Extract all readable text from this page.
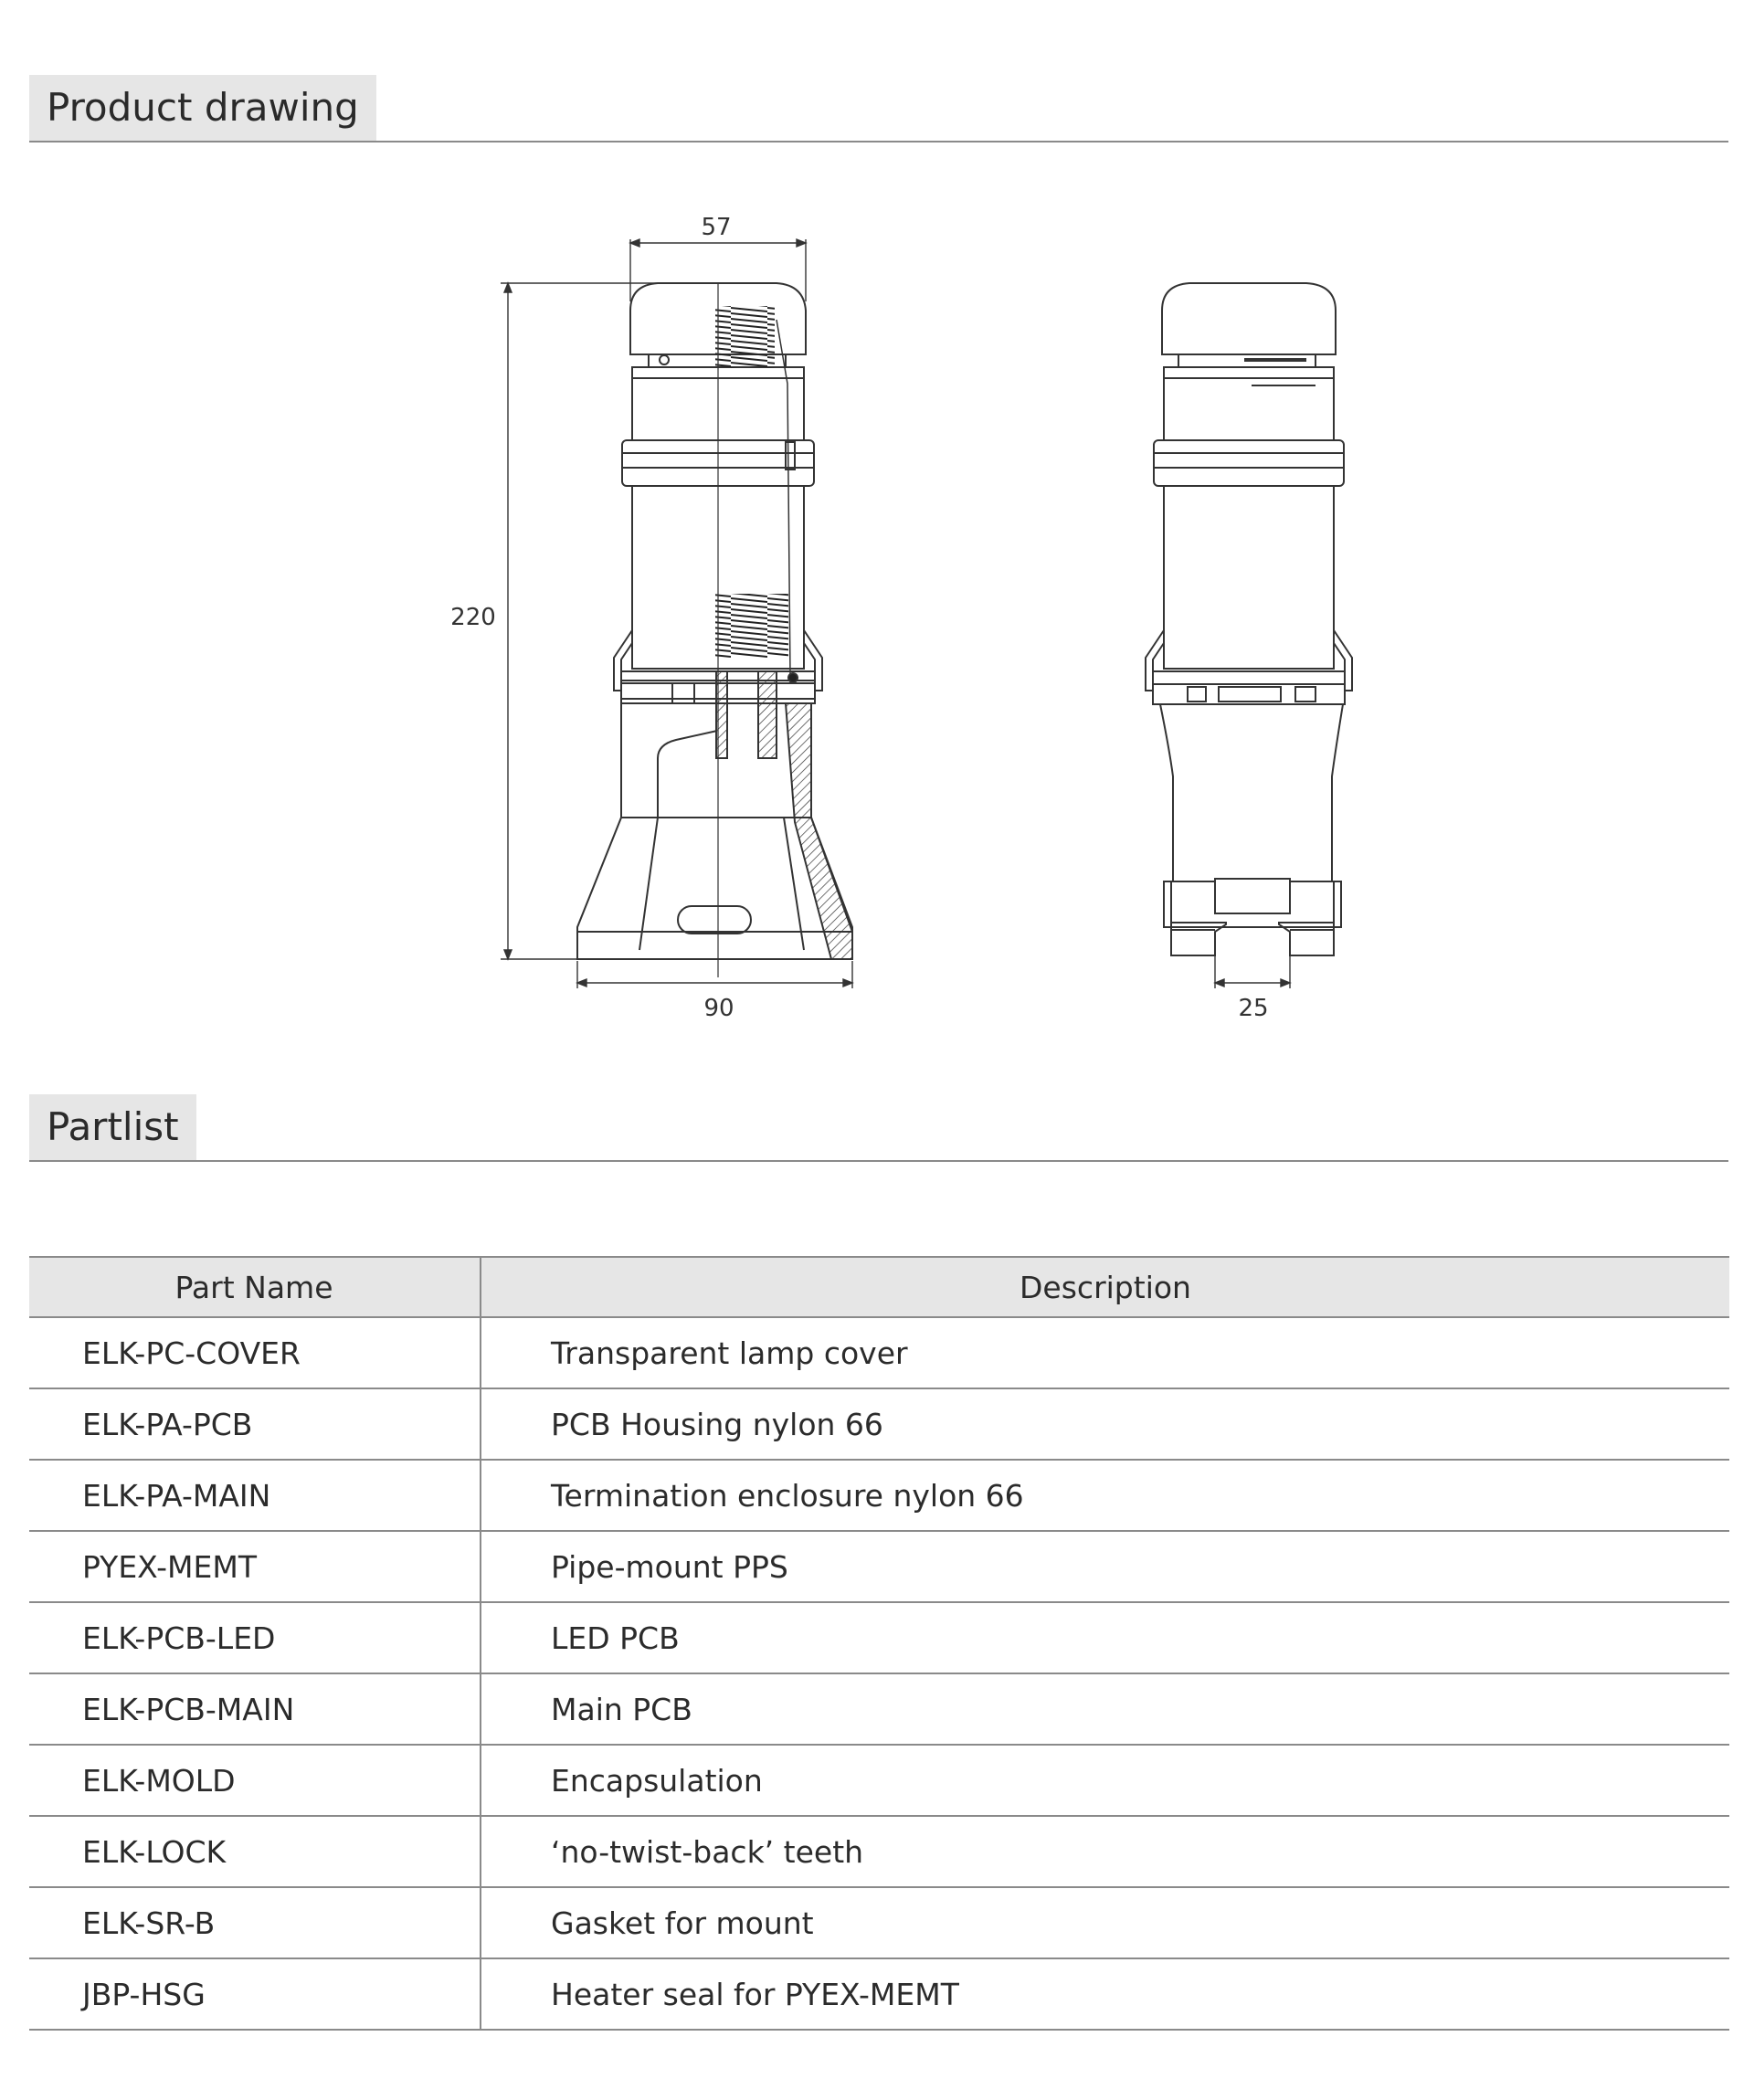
Product drawing
57
220
90	25
Partlist
Part Name	Description
ELK-PC-COVER	Transparent lamp cover
ELK-PA-PCB	PCB Housing nylon 66
ELK-PA-MAIN	Termination enclosure nylon 66
PYEX-MEMT	Pipe-mount PPS
ELK-PCB-LED	LED PCB
ELK-PCB-MAIN	Main PCB
ELK-MOLD	Encapsulation
ELK-LOCK	‘no-twist-back’ teeth
ELK-SR-B	Gasket for mount
JBP-HSG	Heater seal for PYEX-MEMT
